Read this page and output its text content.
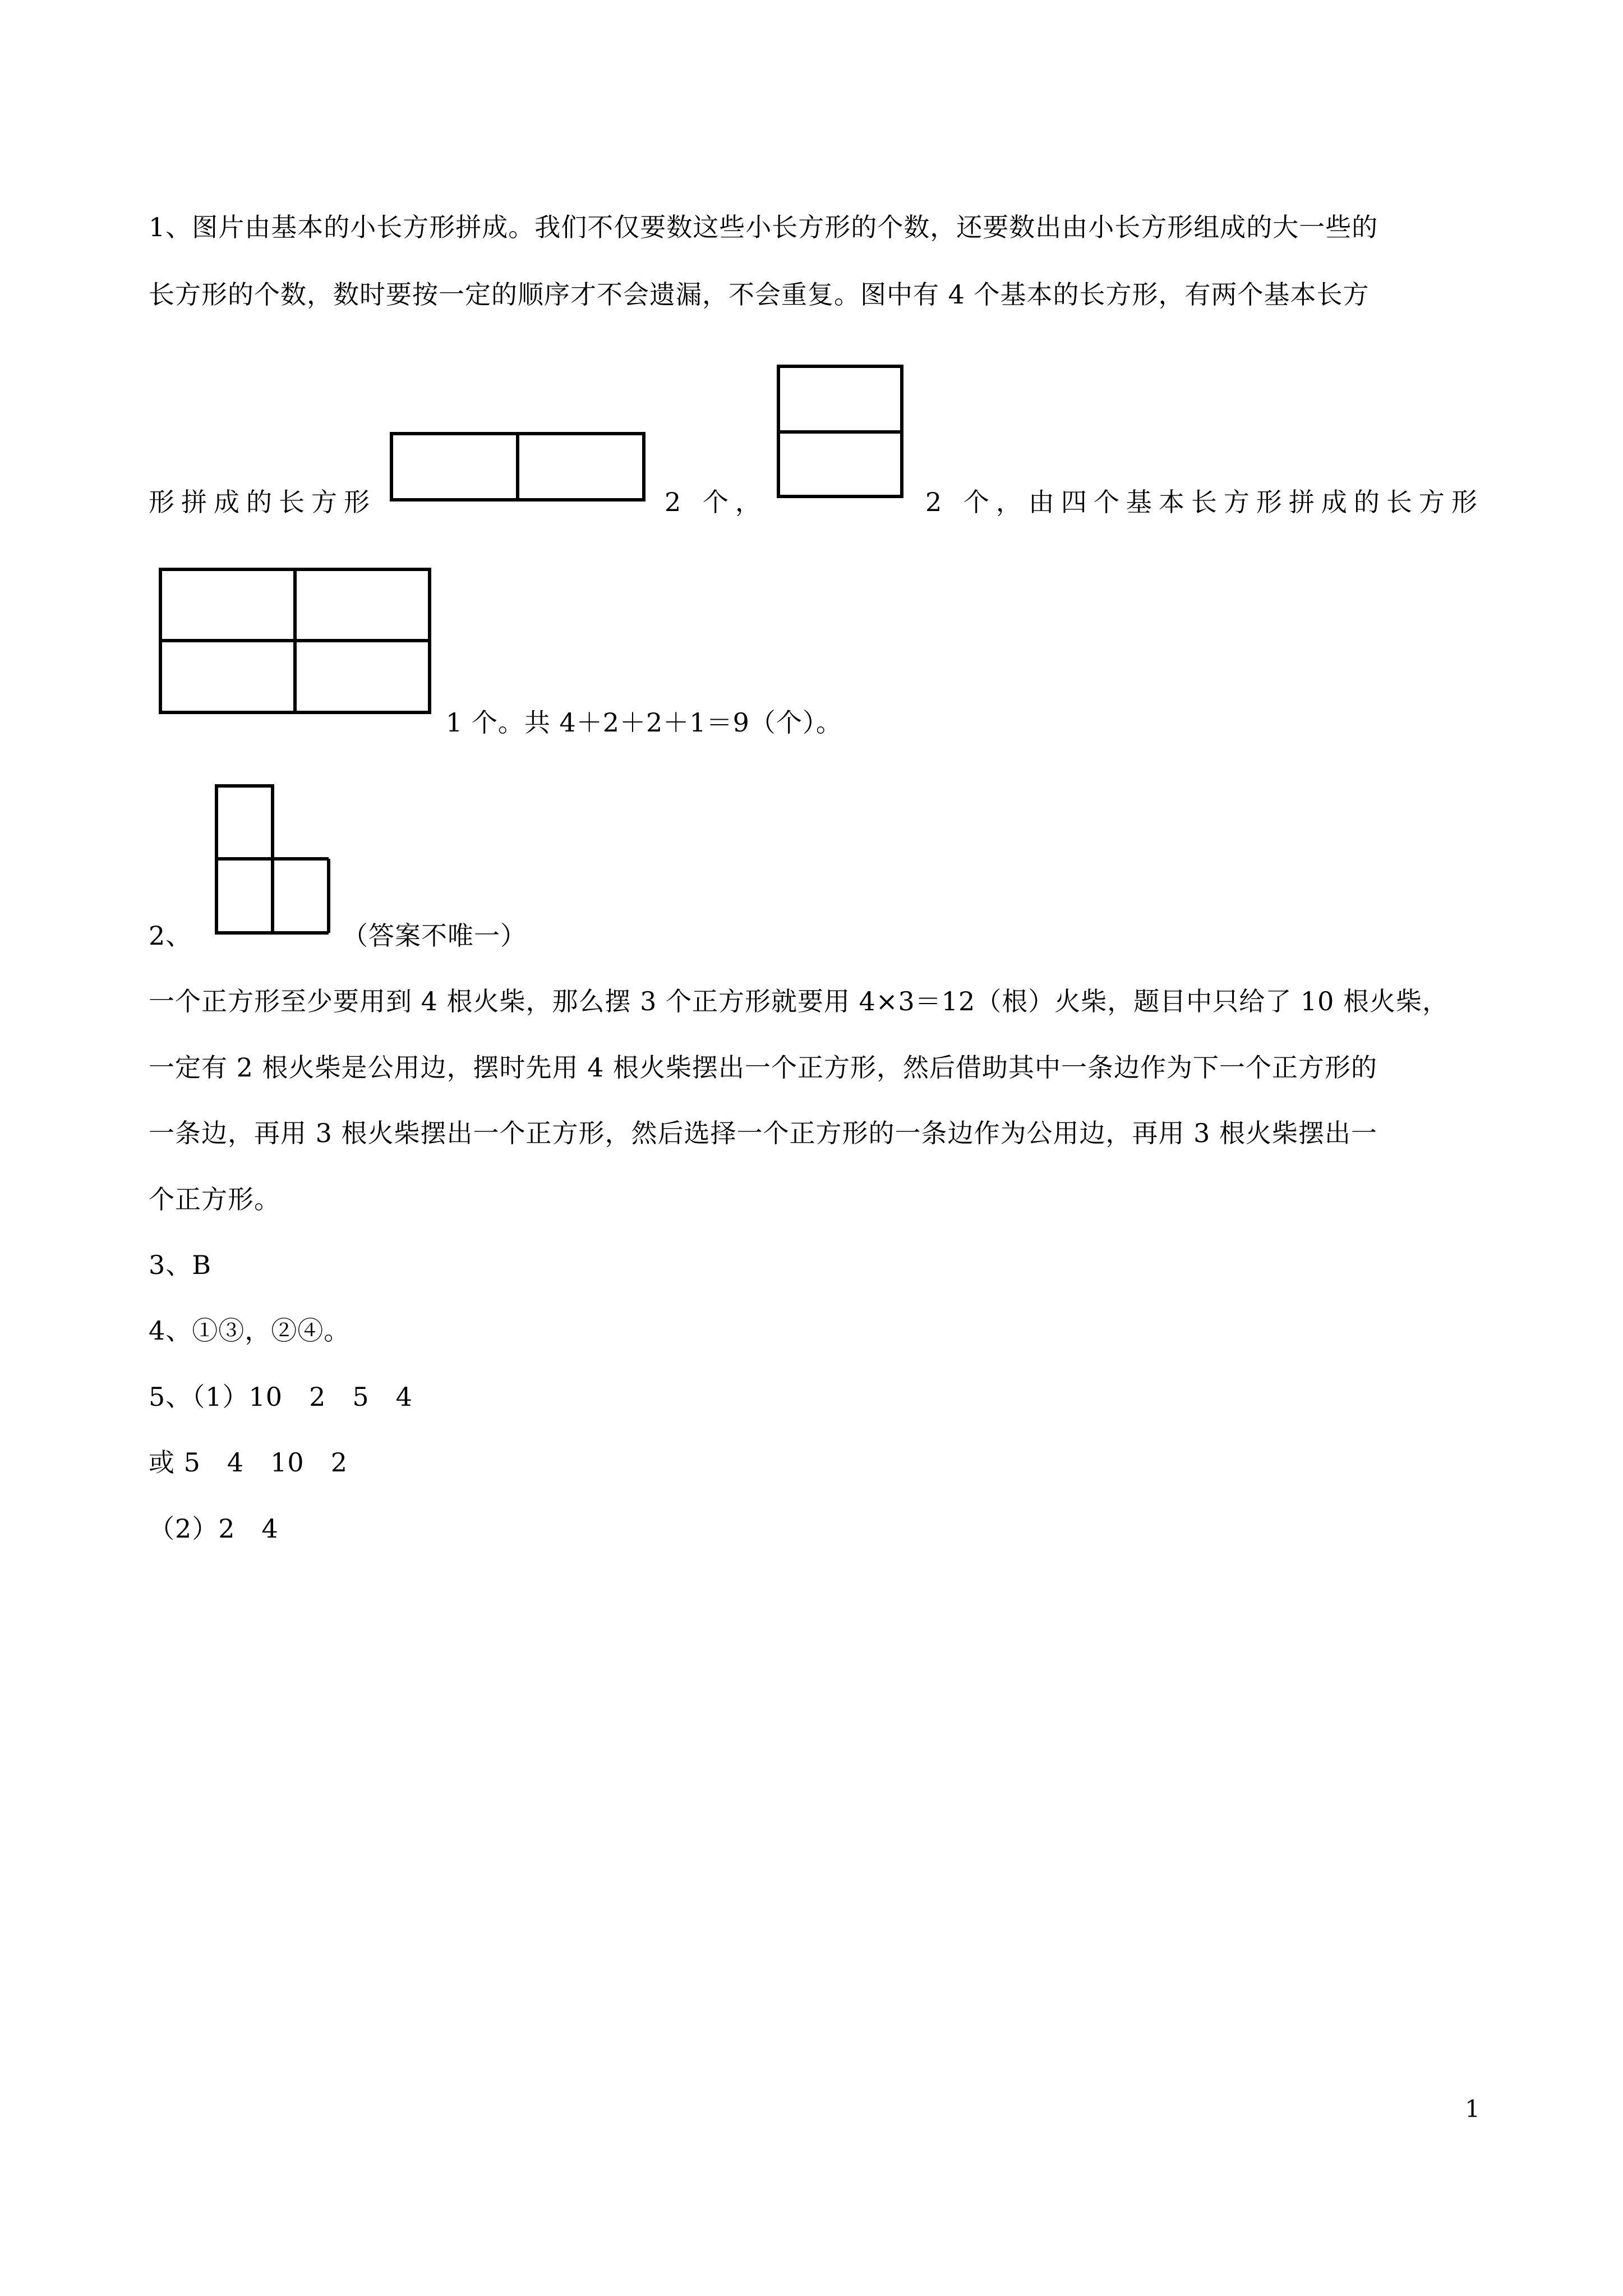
1、图片由基本的小长方形拼成。我们不仅要数这些小长方形的个数，还要数出由小长方形组成的大一些的
长方形的个数，数时要按一定的顺序才不会遗漏，不会重复。图中有 4 个基本的长方形，有两个基本长方
形拼成的长方形	2 个，	2 个，由四个基本长方形拼成的长方形
1 个。共 4＋2＋2＋1＝9（个）。
2、	（答案不唯一）
一个正方形至少要用到 4 根火柴，那么摆 3 个正方形就要用 4×3＝12（根）火柴，题目中只给了 10 根火柴，
一定有 2 根火柴是公用边，摆时先用 4 根火柴摆出一个正方形，然后借助其中一条边作为下一个正方形的
一条边，再用 3 根火柴摆出一个正方形，然后选择一个正方形的一条边作为公用边，再用 3 根火柴摆出一
个正方形。
3、B
4、①③，②④。
5、（1）10　2　5　4
或 5　4　10　2
（2）2　4
1
